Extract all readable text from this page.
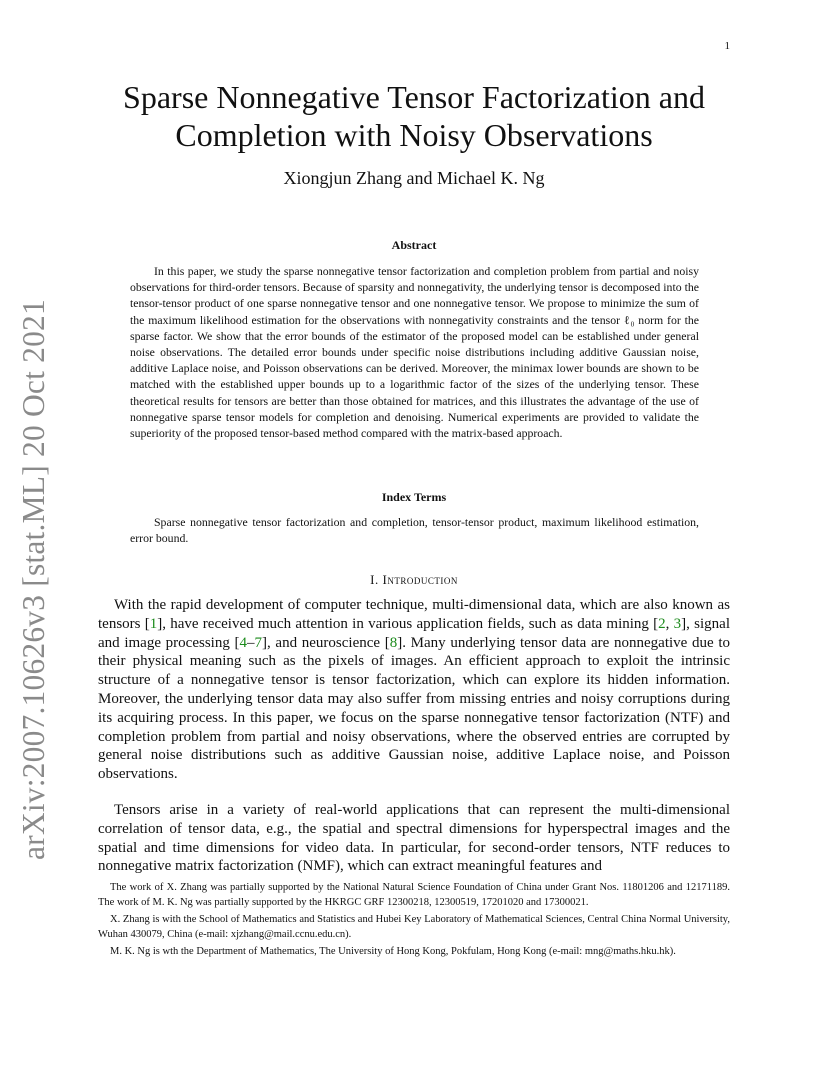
1
arXiv:2007.10626v3 [stat.ML] 20 Oct 2021
Sparse Nonnegative Tensor Factorization and Completion with Noisy Observations
Xiongjun Zhang and Michael K. Ng
Abstract

In this paper, we study the sparse nonnegative tensor factorization and completion problem from partial and noisy observations for third-order tensors. Because of sparsity and nonnegativity, the underlying tensor is decomposed into the tensor-tensor product of one sparse nonnegative tensor and one nonnegative tensor. We propose to minimize the sum of the maximum likelihood estimation for the observations with nonnegativity constraints and the tensor ℓ₀ norm for the sparse factor. We show that the error bounds of the estimator of the proposed model can be established under general noise observations. The detailed error bounds under specific noise distributions including additive Gaussian noise, additive Laplace noise, and Poisson observations can be derived. Moreover, the minimax lower bounds are shown to be matched with the established upper bounds up to a logarithmic factor of the sizes of the underlying tensor. These theoretical results for tensors are better than those obtained for matrices, and this illustrates the advantage of the use of nonnegative sparse tensor models for completion and denoising. Numerical experiments are provided to validate the superiority of the proposed tensor-based method compared with the matrix-based approach.

Index Terms

Sparse nonnegative tensor factorization and completion, tensor-tensor product, maximum likelihood estimation, error bound.

I. Introduction

With the rapid development of computer technique, multi-dimensional data, which are also known as tensors [1], have received much attention in various application fields, such as data mining [2, 3], signal and image processing [4–7], and neuroscience [8]. Many underlying tensor data are nonnegative due to their physical meaning such as the pixels of images. An efficient approach to exploit the intrinsic structure of a nonnegative tensor is tensor factorization, which can explore its hidden information. Moreover, the underlying tensor data may also suffer from missing entries and noisy corruptions during its acquiring process. In this paper, we focus on the sparse nonnegative tensor factorization (NTF) and completion problem from partial and noisy observations, where the observed entries are corrupted by general noise distributions such as additive Gaussian noise, additive Laplace noise, and Poisson observations.

Tensors arise in a variety of real-world applications that can represent the multi-dimensional correlation of tensor data, e.g., the spatial and spectral dimensions for hyperspectral images and the spatial and time dimensions for video data. In particular, for second-order tensors, NTF reduces to nonnegative matrix factorization (NMF), which can extract meaningful features and

The work of X. Zhang was partially supported by the National Natural Science Foundation of China under Grant Nos. 11801206 and 12171189. The work of M. K. Ng was partially supported by the HKRGC GRF 12300218, 12300519, 17201020 and 17300021.

X. Zhang is with the School of Mathematics and Statistics and Hubei Key Laboratory of Mathematical Sciences, Central China Normal University, Wuhan 430079, China (e-mail: xjzhang@mail.ccnu.edu.cn).

M. K. Ng is wth the Department of Mathematics, The University of Hong Kong, Pokfulam, Hong Kong (e-mail: mng@maths.hku.hk).
